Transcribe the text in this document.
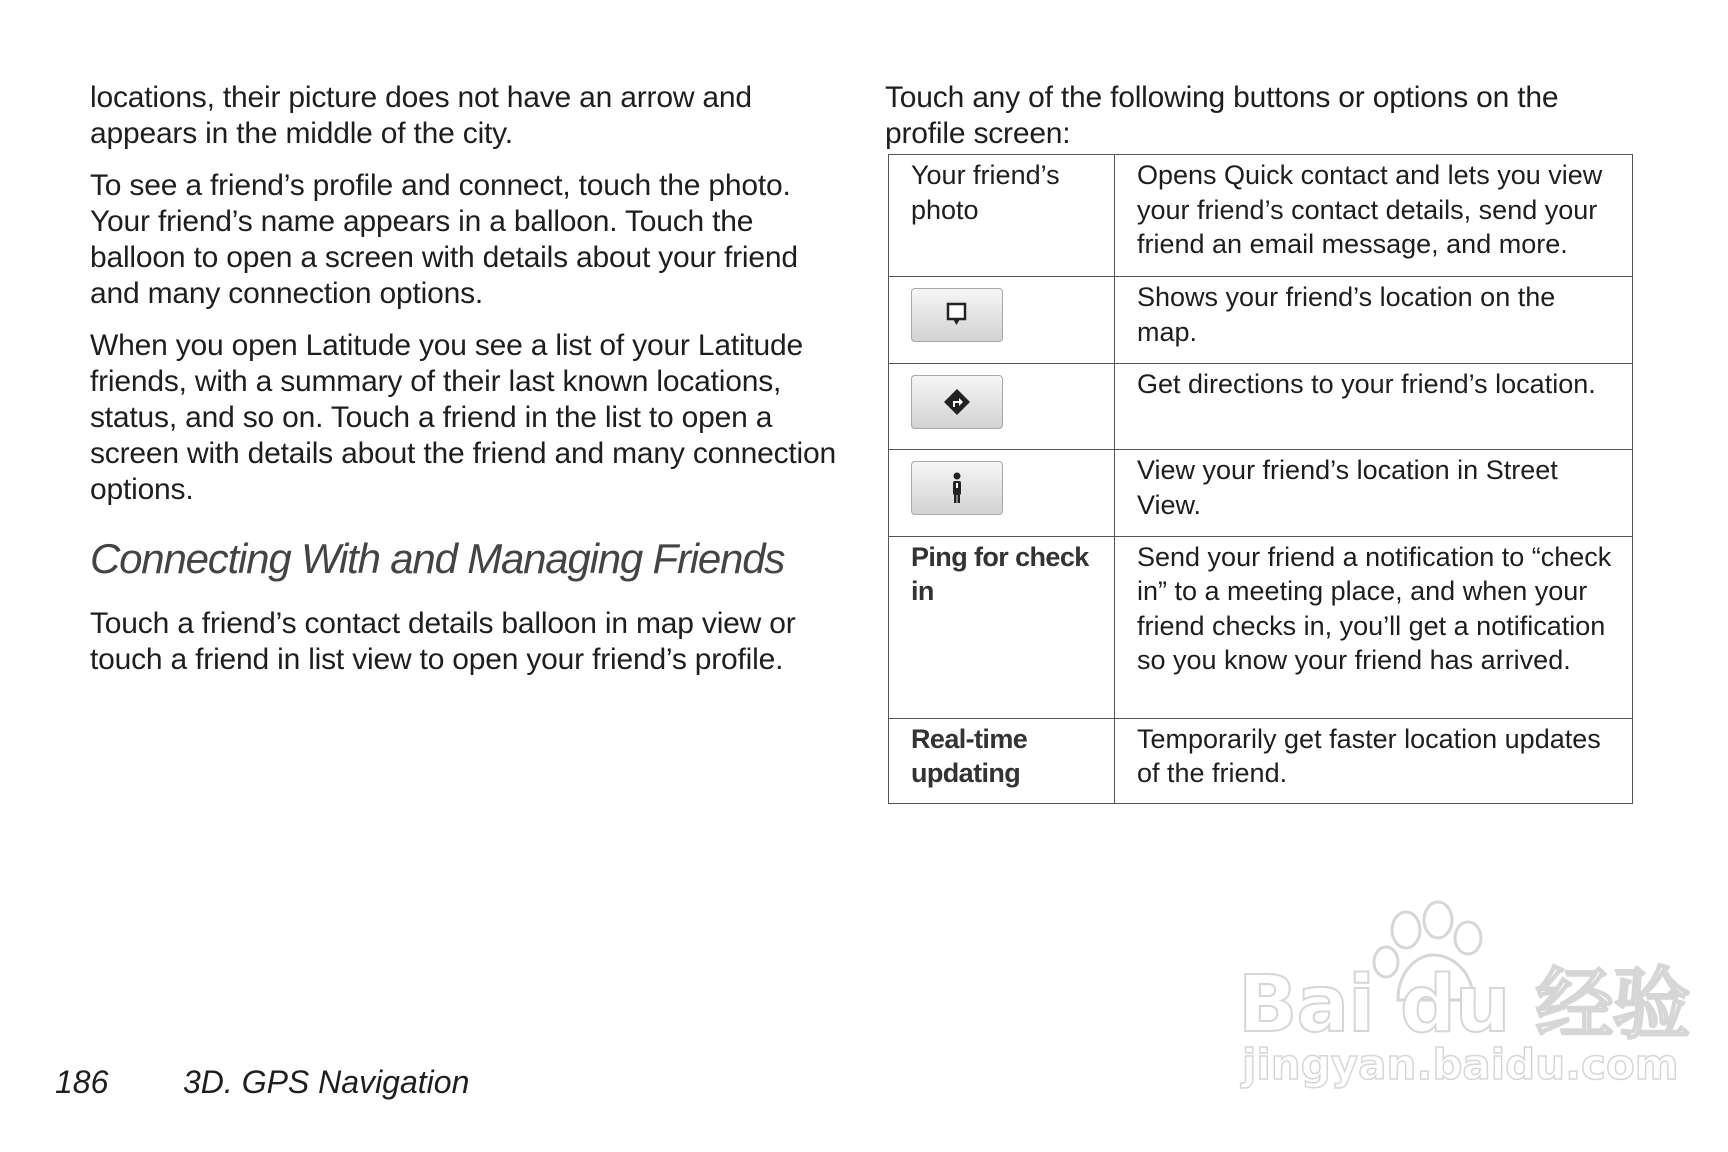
locations, their picture does not have an arrow and appears in the middle of the city.

To see a friend’s profile and connect, touch the photo. Your friend’s name appears in a balloon. Touch the balloon to open a screen with details about your friend and many connection options.

When you open Latitude you see a list of your Latitude friends, with a summary of their last known locations, status, and so on. Touch a friend in the list to open a screen with details about the friend and many connection options.

Connecting With and Managing Friends

Touch a friend’s contact details balloon in map view or touch a friend in list view to open your friend’s profile.

Touch any of the following buttons or options on the profile screen:

Your friend’s photo	Opens Quick contact and lets you view your friend’s contact details, send your friend an email message, and more.

	Shows your friend’s location on the map.

	Get directions to your friend’s location.

	View your friend’s location in Street View.
Ping for check in	Send your friend a notification to “check in” to a meeting place, and when your friend checks in, you’ll get a notification so you know your friend has arrived.
Real-time updating	Temporarily get faster location updates of the friend.
186 3D. GPS Navigation
Bai du 经验
jingyan.baidu.com
